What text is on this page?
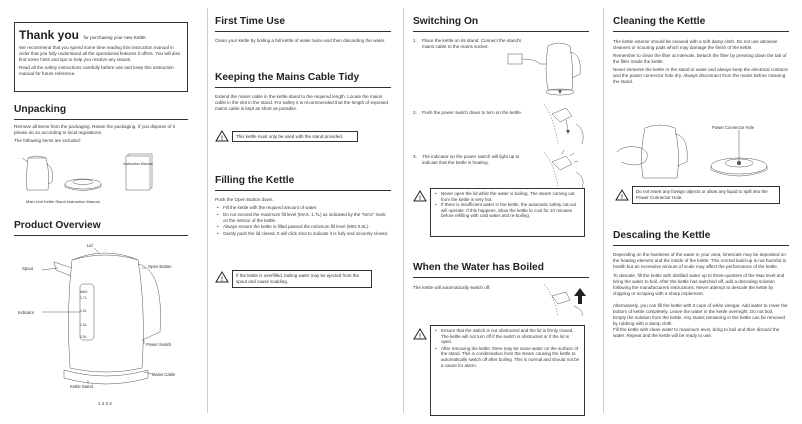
Thank you for purchasing your new Kettle.

We recommend that you spend some time reading this instruction manual in order that you fully understand all the operational features it offers. You will also find some hints and tips to help you resolve any issues.

Read all the safety instructions carefully before use and keep this instruction manual for future reference.

Unpacking

Remove all items from the packaging. Retain the packaging. If you dispose of it please do so according to local regulations.

The following items are included:

Instruction Manual
Main Unit Kettle Stand Instruction Manual
Product Overview
MAX
1.7L
1.5L
1.0L
0.5L
Lid
Spout	Open Button
Indicator
Power Switch
Mains Cable
Kettle Stand
1 2 3 4
First Time Use

Clean your kettle by boiling a full kettle of water twice and then discarding the water.

Keeping the Mains Cable Tidy

Extend the mains cable in the kettle stand to the required length. Locate the mains cable in the slot in the stand. For safety it is recommended that the length of exposed mains cable is kept as short as possible.

!	This kettle must only be used with the stand provided.
Filling the Kettle

Push the Open Button down.

• Fill the kettle with the required amount of water.
• Do not exceed the maximum fill level (MAX. 1.7L) as indicated by the “MAX” mark on the interior of the kettle.
• Always ensure the kettle is filled passed the minimum fill level (MIN 0.5L).
• Gently push the lid closed. It will click shut to indicate it is fully and securely closed.
!
If the kettle is overfilled, boiling water may be ejected from the spout and cause scalding.
Switching On
1. Place the kettle on its stand. Connect the stand's mains cable to the mains socket.

2. Push the power switch down to turn on the kettle.

3. The indicator on the power switch will light up to indicate that the kettle is heating.

!
• Never open the lid while the water is boiling. The steam coming out from the kettle is very hot.
• If there is insufficient water in the kettle, the automatic safety cut-out will operate. If this happens, allow the kettle to cool for 10 minutes before refilling with cold water and re-boiling.
When the Water has Boiled

The kettle will automatically switch off.

!
• Ensure that the switch is not obstructed and the lid is firmly closed. The kettle will not turn off if the switch is obstructed or if the lid is open.
• After removing the kettle, there may be some water on the surface of the stand. This is condensation from the steam causing the kettle to automatically switch off after boiling. This is normal and should not be a cause for alarm.
Cleaning the Kettle

The kettle exterior should be cleaned with a soft damp cloth. Do not use abrasive cleaners or scouring pads which may damage the finish of the kettle.

Remember to clean the filter at intervals. Detach the filter by pressing down the tab of the filter inside the kettle.

Never immerse the kettle or the stand in water and always keep the electrical contacts and the power connector hole dry. Always disconnect from the mains before cleaning the stand.

Power Connector Hole
!
Do not insert any foreign objects or allow any liquid to spill into the Power Connector Hole.
Descaling the Kettle

Depending on the hardness of the water in your area, limescale may be deposited on the heating element and the inside of the kettle. This normal build-up is not harmful to health but an excessive amount of scale may affect the performance of the kettle.

To descale, fill the kettle with distilled water up to three-quarters of the Max level and bring the water to boil. After the kettle has switched off, add a descaling solution following the manufacturers instructions. Never attempt to descale the kettle by chipping or scraping with a sharp implement.

Alternatively, you can fill the kettle with 3 cups of white vinegar. Add water to cover the bottom of kettle completely. Leave the water in the kettle overnight. Do not boil.

Empty the solution from the kettle. Any stains remaining in the kettle can be removed by rubbing with a damp cloth.

Fill the kettle with clean water to maximum level, bring to boil and then discard the water. Repeat and the kettle will be ready to use.
